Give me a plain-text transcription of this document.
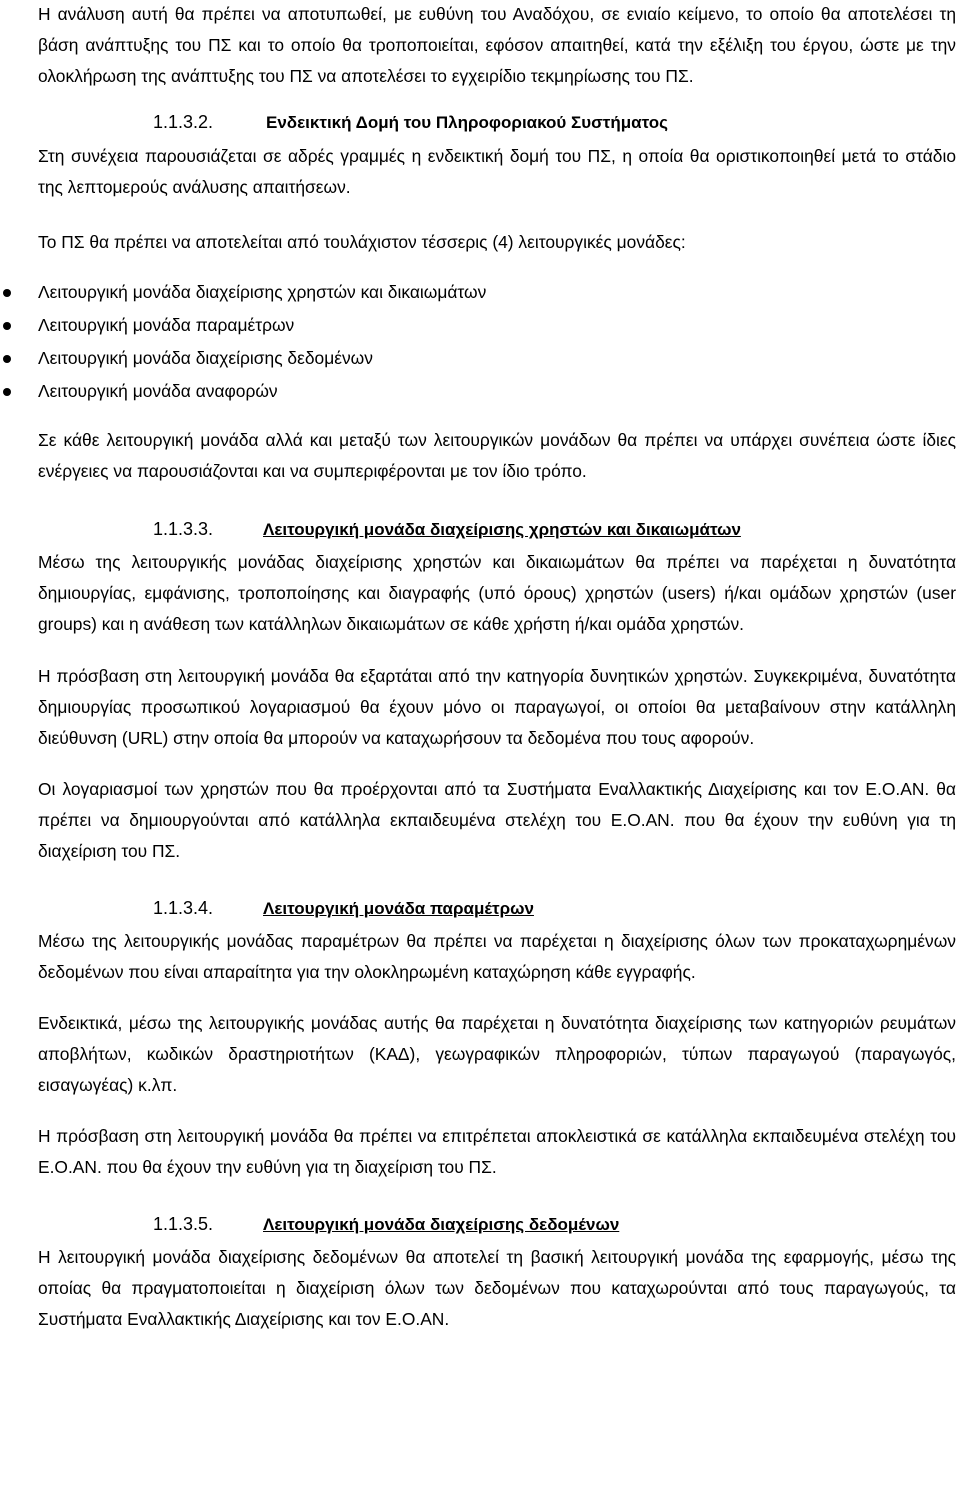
Η ανάλυση αυτή θα πρέπει να αποτυπωθεί, με ευθύνη του Αναδόχου, σε ενιαίο κείμενο, το οποίο θα αποτελέσει τη βάση ανάπτυξης του ΠΣ και το οποίο θα τροποποιείται, εφόσον απαιτηθεί, κατά την εξέλιξη του έργου, ώστε με την ολοκλήρωση της ανάπτυξης του ΠΣ να αποτελέσει το εγχειρίδιο τεκμηρίωσης του ΠΣ.

1.1.3.2.	Ενδεικτική Δομή του Πληροφοριακού Συστήματος

Στη συνέχεια παρουσιάζεται σε αδρές γραμμές η ενδεικτική δομή του ΠΣ, η οποία θα οριστικοποιηθεί μετά το στάδιο της λεπτομερούς ανάλυσης απαιτήσεων.

Το ΠΣ θα πρέπει να αποτελείται από τουλάχιστον τέσσερις (4) λειτουργικές μονάδες:

Λειτουργική μονάδα διαχείρισης χρηστών και δικαιωμάτων
Λειτουργική μονάδα παραμέτρων
Λειτουργική μονάδα διαχείρισης δεδομένων
Λειτουργική μονάδα αναφορών

Σε κάθε λειτουργική μονάδα αλλά και μεταξύ των λειτουργικών μονάδων θα πρέπει να υπάρχει συνέπεια ώστε ίδιες ενέργειες να παρουσιάζονται και να συμπεριφέρονται με τον ίδιο τρόπο.

1.1.3.3.	Λειτουργική μονάδα διαχείρισης χρηστών και δικαιωμάτων

Μέσω της λειτουργικής μονάδας διαχείρισης χρηστών και δικαιωμάτων θα πρέπει να παρέχεται η δυνατότητα δημιουργίας, εμφάνισης, τροποποίησης και διαγραφής (υπό όρους) χρηστών (users) ή/και ομάδων χρηστών (user groups) και η ανάθεση των κατάλληλων δικαιωμάτων σε κάθε χρήστη ή/και ομάδα χρηστών.

Η πρόσβαση στη λειτουργική μονάδα θα εξαρτάται από την κατηγορία δυνητικών χρηστών. Συγκεκριμένα, δυνατότητα δημιουργίας προσωπικού λογαριασμού θα έχουν μόνο οι παραγωγοί, οι οποίοι θα μεταβαίνουν στην κατάλληλη διεύθυνση (URL) στην οποία θα μπορούν να καταχωρήσουν τα δεδομένα που τους αφορούν.

Οι λογαριασμοί των χρηστών που θα προέρχονται από τα Συστήματα Εναλλακτικής Διαχείρισης και τον Ε.Ο.ΑΝ. θα πρέπει να δημιουργούνται από κατάλληλα εκπαιδευμένα στελέχη του Ε.Ο.ΑΝ. που θα έχουν την ευθύνη για τη διαχείριση του ΠΣ.

1.1.3.4.	Λειτουργική μονάδα παραμέτρων

Μέσω της λειτουργικής μονάδας παραμέτρων θα πρέπει να παρέχεται η διαχείρισης όλων των προκαταχωρημένων δεδομένων που είναι απαραίτητα για την ολοκληρωμένη καταχώρηση κάθε εγγραφής.

Ενδεικτικά, μέσω της λειτουργικής μονάδας αυτής θα παρέχεται η δυνατότητα διαχείρισης των κατηγοριών ρευμάτων αποβλήτων, κωδικών δραστηριοτήτων (ΚΑΔ), γεωγραφικών πληροφοριών, τύπων παραγωγού (παραγωγός, εισαγωγέας) κ.λπ.

Η πρόσβαση στη λειτουργική μονάδα θα πρέπει να επιτρέπεται αποκλειστικά σε κατάλληλα εκπαιδευμένα στελέχη του Ε.Ο.ΑΝ. που θα έχουν την ευθύνη για τη διαχείριση του ΠΣ.

1.1.3.5.	Λειτουργική μονάδα διαχείρισης δεδομένων

Η λειτουργική μονάδα διαχείρισης δεδομένων θα αποτελεί τη βασική λειτουργική μονάδα της εφαρμογής, μέσω της οποίας θα πραγματοποιείται η διαχείριση όλων των δεδομένων που καταχωρούνται από τους παραγωγούς, τα Συστήματα Εναλλακτικής Διαχείρισης και τον Ε.Ο.ΑΝ.
